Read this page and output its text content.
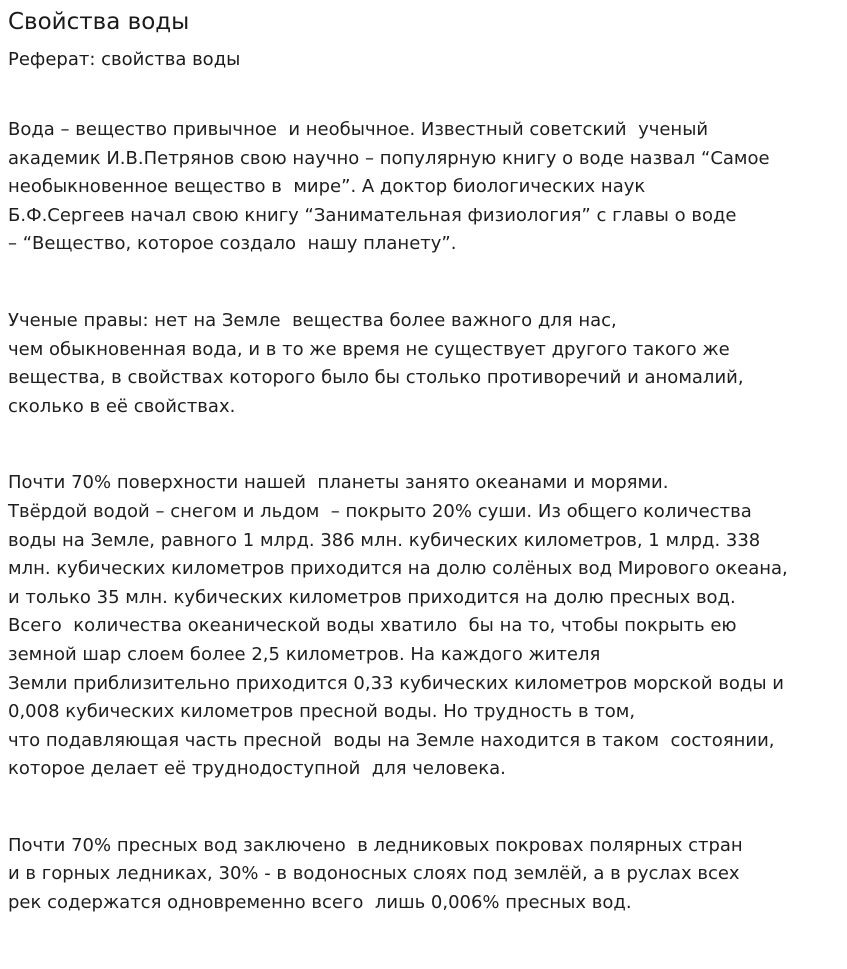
Свойства воды
Реферат: свойства воды

Вода – вещество привычное  и необычное. Известный советский  ученый
академик И.В.Петрянов свою научно – популярную книгу о воде назвал “Самое
необыкновенное вещество в  мире”. А доктор биологических наук
Б.Ф.Сергеев начал свою книгу “Занимательная физиология” с главы о воде
– “Вещество, которое создало  нашу планету”.

Ученые правы: нет на Земле  вещества более важного для нас,
чем обыкновенная вода, и в то же время не существует другого такого же
вещества, в свойствах которого было бы столько противоречий и аномалий,
сколько в её свойствах.

Почти 70% поверхности нашей  планеты занято океанами и морями.
Твёрдой водой – снегом и льдом  – покрыто 20% суши. Из общего количества
воды на Земле, равного 1 млрд. 386 млн. кубических километров, 1 млрд. 338
млн. кубических километров приходится на долю солёных вод Мирового океана,
и только 35 млн. кубических километров приходится на долю пресных вод.
Всего  количества океанической воды хватило  бы на то, чтобы покрыть ею
земной шар слоем более 2,5 километров. На каждого жителя
Земли приблизительно приходится 0,33 кубических километров морской воды и
0,008 кубических километров пресной воды. Но трудность в том,
что подавляющая часть пресной  воды на Земле находится в таком  состоянии,
которое делает её труднодоступной  для человека.

Почти 70% пресных вод заключено  в ледниковых покровах полярных стран
и в горных ледниках, 30% - в водоносных слоях под землёй, а в руслах всех
рек содержатся одновременно всего  лишь 0,006% пресных вод.
